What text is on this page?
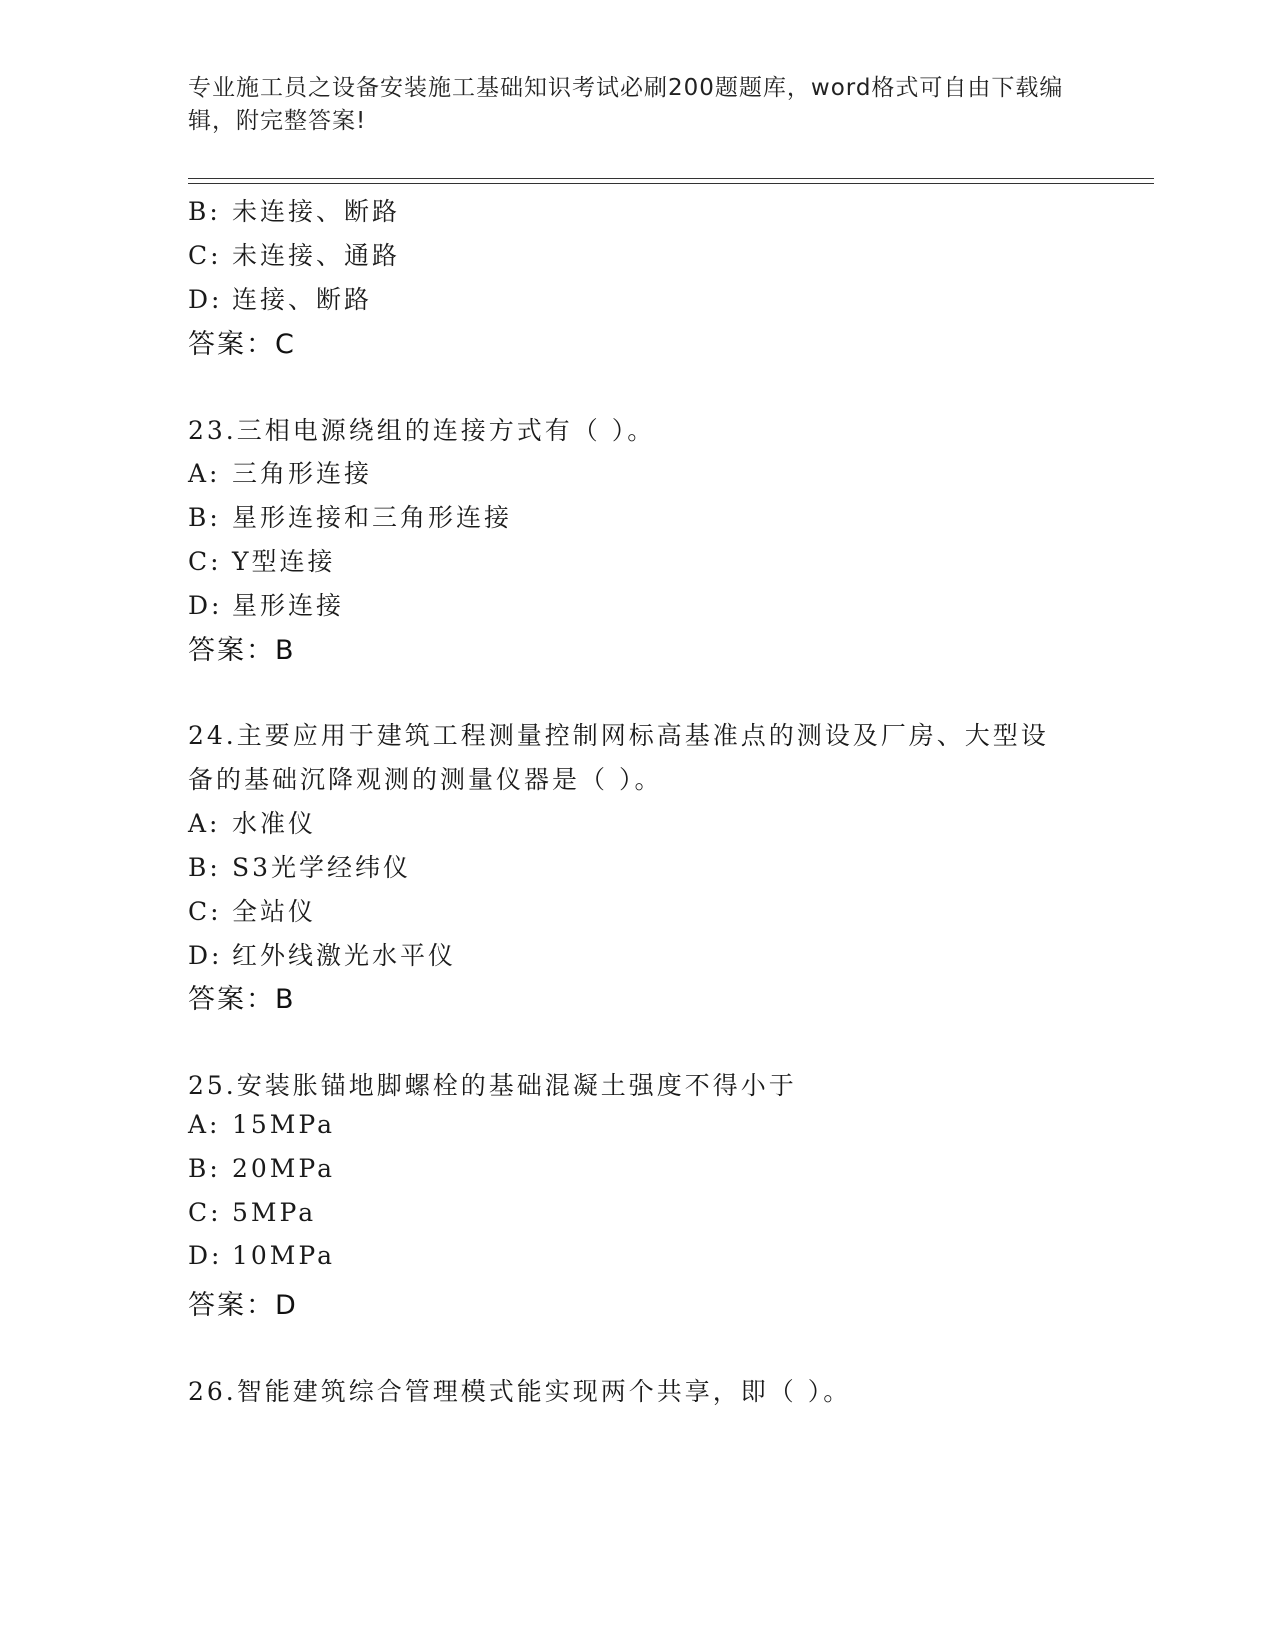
专业施工员之设备安装施工基础知识考试必刷200题题库，word格式可自由下载编辑，附完整答案!
B: 未连接、断路
C: 未连接、通路
D: 连接、断路
答案：C
23.三相电源绕组的连接方式有（ ）。
A: 三角形连接
B: 星形连接和三角形连接
C: Y型连接
D: 星形连接
答案：B
24.主要应用于建筑工程测量控制网标高基准点的测设及厂房、大型设
备的基础沉降观测的测量仪器是（ ）。
A: 水准仪
B: S3光学经纬仪
C: 全站仪
D: 红外线激光水平仪
答案：B
25.安装胀锚地脚螺栓的基础混凝土强度不得小于
A: 15MPa
B: 20MPa
C: 5MPa
D: 10MPa
答案：D
26.智能建筑综合管理模式能实现两个共享，即（ ）。
